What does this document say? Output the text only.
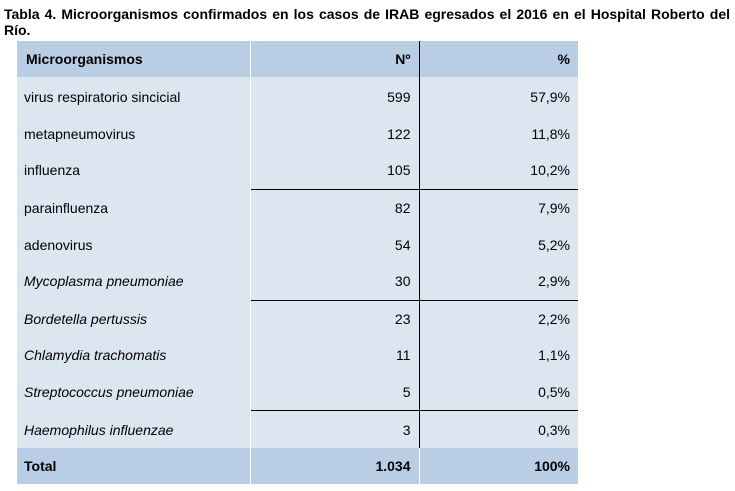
Tabla 4. Microorganismos confirmados en los casos de IRAB egresados el 2016 en el Hospital Roberto del Río.
Microorganismos	Nº	%
virus respiratorio sincicial	599	57,9%
metapneumovirus	122	11,8%
influenza	105	10,2%
parainfluenza	82	7,9%
adenovirus	54	5,2%
Mycoplasma pneumoniae	30	2,9%
Bordetella pertussis	23	2,2%
Chlamydia trachomatis	11	1,1%
Streptococcus pneumoniae	5	0,5%
Haemophilus influenzae	3	0,3%
Total	1.034	100%
